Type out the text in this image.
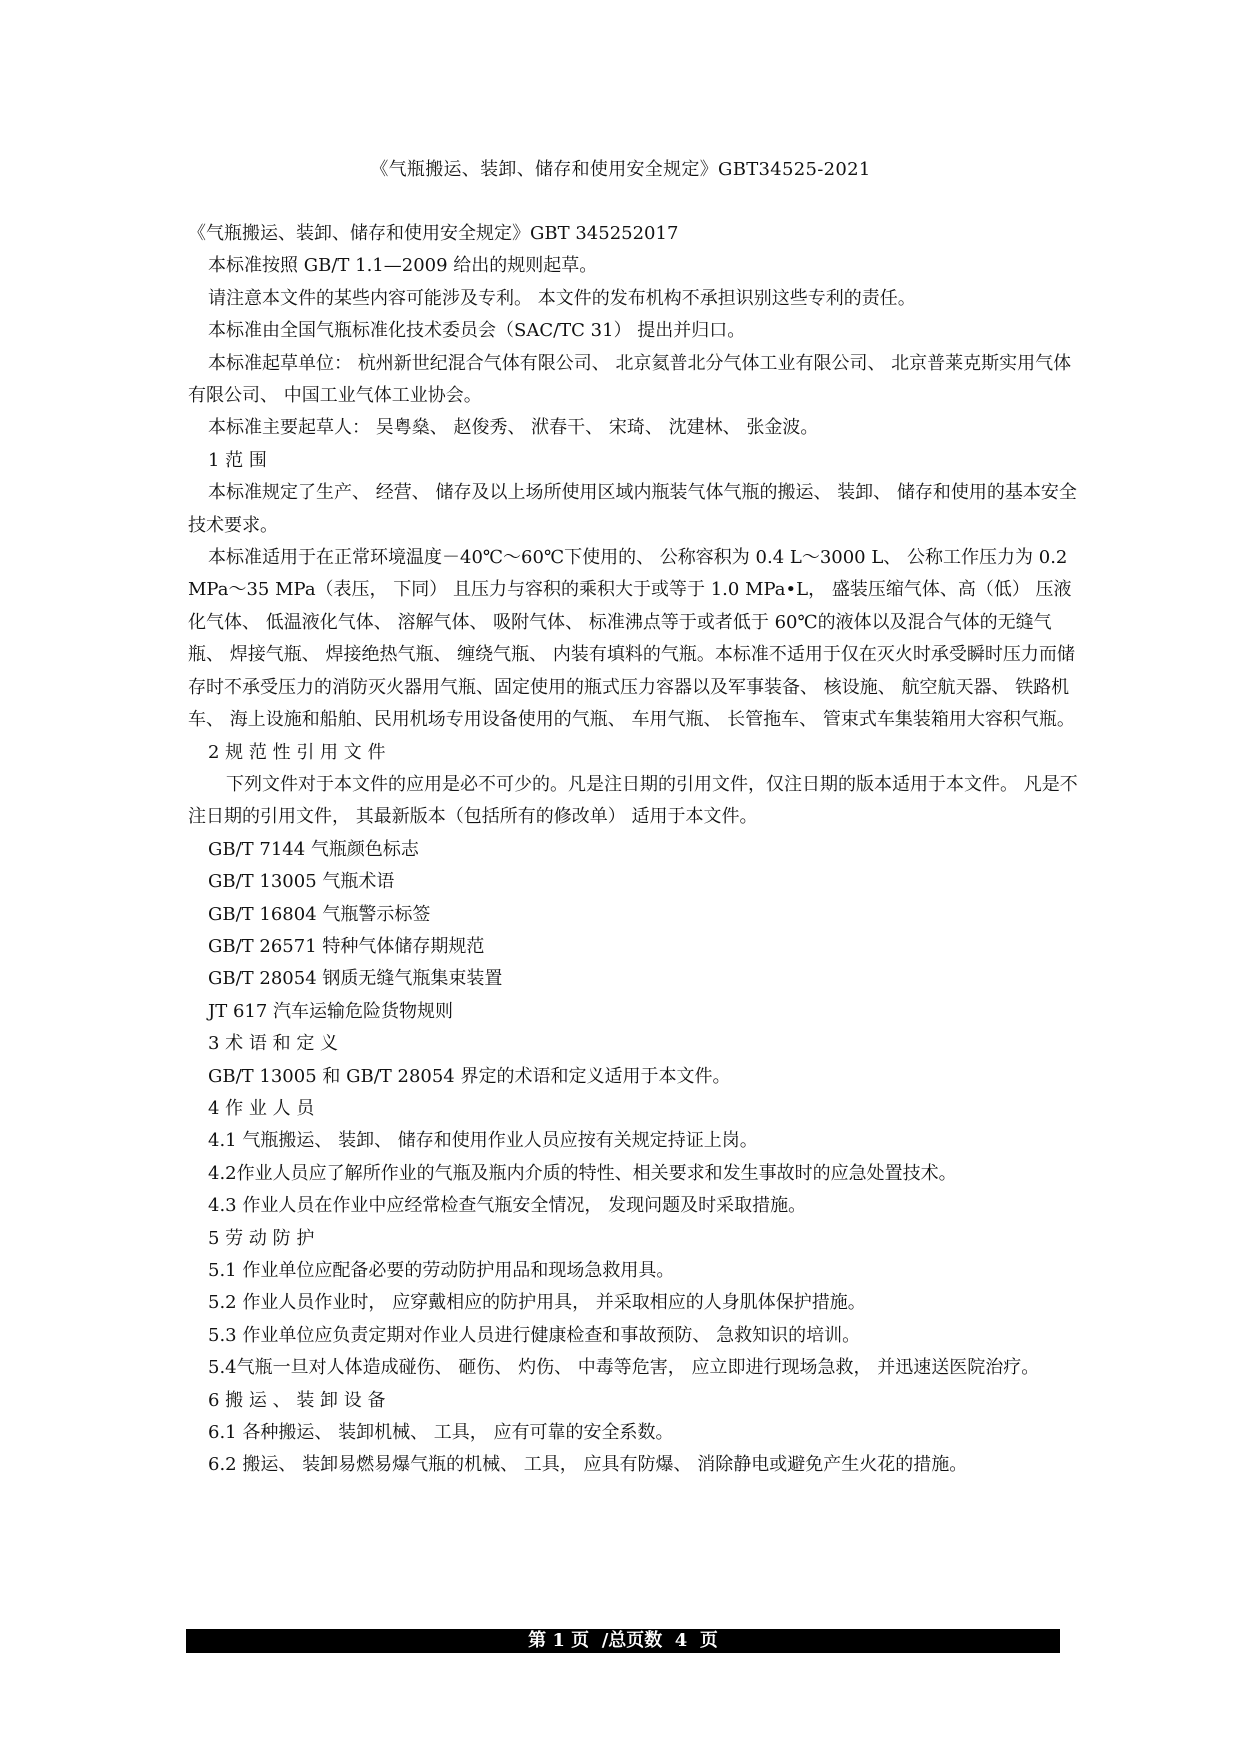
《气瓶搬运、装卸、储存和使用安全规定》GBT34525-2021

《气瓶搬运、装卸、储存和使用安全规定》GBT 345252017

本标准按照 GB/T 1.1—2009 给出的规则起草。

请注意本文件的某些内容可能涉及专利。 本文件的发布机构不承担识别这些专利的责任。

本标准由全国气瓶标准化技术委员会（SAC/TC 31） 提出并归口。

本标准起草单位： 杭州新世纪混合气体有限公司、 北京氦普北分气体工业有限公司、 北京普莱克斯实用气体有限公司、 中国工业气体工业协会。

本标准主要起草人： 吴粤燊、 赵俊秀、 洑春干、 宋琦、 沈建林、 张金波。

1 范 围

本标准规定了生产、 经营、 储存及以上场所使用区域内瓶装气体气瓶的搬运、 装卸、 储存和使用的基本安全技术要求。

本标准适用于在正常环境温度－40℃～60℃下使用的、 公称容积为 0.4 L～3000 L、 公称工作压力为 0.2 MPa～35 MPa（表压， 下同） 且压力与容积的乘积大于或等于 1.0 MPa•L， 盛装压缩气体、高（低） 压液化气体、 低温液化气体、 溶解气体、 吸附气体、 标准沸点等于或者低于 60℃的液体以及混合气体的无缝气瓶、 焊接气瓶、 焊接绝热气瓶、 缠绕气瓶、 内装有填料的气瓶。本标准不适用于仅在灭火时承受瞬时压力而储存时不承受压力的消防灭火器用气瓶、固定使用的瓶式压力容器以及军事装备、 核设施、 航空航天器、 铁路机车、 海上设施和船舶、民用机场专用设备使用的气瓶、 车用气瓶、 长管拖车、 管束式车集装箱用大容积气瓶。

2 规 范 性 引 用 文 件

下列文件对于本文件的应用是必不可少的。凡是注日期的引用文件，仅注日期的版本适用于本文件。 凡是不注日期的引用文件， 其最新版本（包括所有的修改单） 适用于本文件。

GB/T 7144 气瓶颜色标志

GB/T 13005 气瓶术语

GB/T 16804 气瓶警示标签

GB/T 26571 特种气体储存期规范

GB/T 28054 钢质无缝气瓶集束装置

JT 617 汽车运输危险货物规则

3 术 语 和 定 义

GB/T 13005 和 GB/T 28054 界定的术语和定义适用于本文件。

4 作 业 人 员

4.1 气瓶搬运、 装卸、 储存和使用作业人员应按有关规定持证上岗。

4.2作业人员应了解所作业的气瓶及瓶内介质的特性、相关要求和发生事故时的应急处置技术。

4.3 作业人员在作业中应经常检查气瓶安全情况， 发现问题及时采取措施。

5 劳 动 防 护

5.1 作业单位应配备必要的劳动防护用品和现场急救用具。

5.2 作业人员作业时， 应穿戴相应的防护用具， 并采取相应的人身肌体保护措施。

5.3 作业单位应负责定期对作业人员进行健康检查和事故预防、 急救知识的培训。

5.4气瓶一旦对人体造成碰伤、 砸伤、 灼伤、 中毒等危害， 应立即进行现场急救， 并迅速送医院治疗。

6 搬 运 、 装 卸 设 备

6.1 各种搬运、 装卸机械、 工具， 应有可靠的安全系数。

6.2 搬运、 装卸易燃易爆气瓶的机械、 工具， 应具有防爆、 消除静电或避免产生火花的措施。

第 1 页  /总页数  4  页
